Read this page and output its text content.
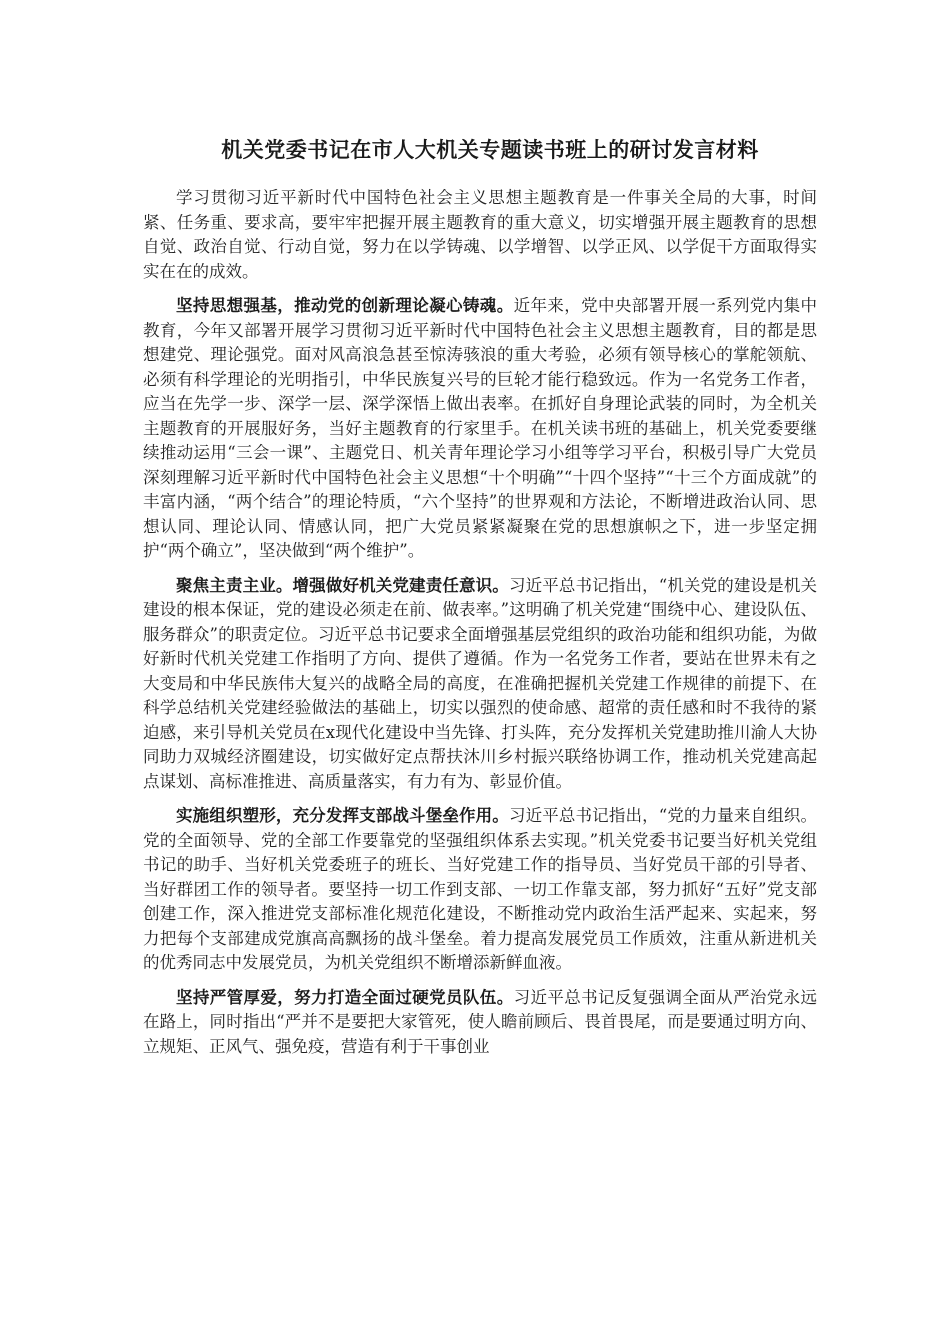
机关党委书记在市人大机关专题读书班上的研讨发言材料

学习贯彻习近平新时代中国特色社会主义思想主题教育是一件事关全局的大事，时间紧、任务重、要求高，要牢牢把握开展主题教育的重大意义，切实增强开展主题教育的思想自觉、政治自觉、行动自觉，努力在以学铸魂、以学增智、以学正风、以学促干方面取得实实在在的成效。

坚持思想强基，推动党的创新理论凝心铸魂。近年来，党中央部署开展一系列党内集中教育，今年又部署开展学习贯彻习近平新时代中国特色社会主义思想主题教育，目的都是思想建党、理论强党。面对风高浪急甚至惊涛骇浪的重大考验，必须有领导核心的掌舵领航、必须有科学理论的光明指引，中华民族复兴号的巨轮才能行稳致远。作为一名党务工作者，应当在先学一步、深学一层、深学深悟上做出表率。在抓好自身理论武装的同时，为全机关主题教育的开展服好务，当好主题教育的行家里手。在机关读书班的基础上，机关党委要继续推动运用“三会一课”、主题党日、机关青年理论学习小组等学习平台，积极引导广大党员深刻理解习近平新时代中国特色社会主义思想“十个明确”“十四个坚持”“十三个方面成就”的丰富内涵，“两个结合”的理论特质，“六个坚持”的世界观和方法论，不断增进政治认同、思想认同、理论认同、情感认同，把广大党员紧紧凝聚在党的思想旗帜之下，进一步坚定拥护“两个确立”，坚决做到“两个维护”。

聚焦主责主业。增强做好机关党建责任意识。习近平总书记指出，“机关党的建设是机关建设的根本保证，党的建设必须走在前、做表率。”这明确了机关党建“围绕中心、建设队伍、服务群众”的职责定位。习近平总书记要求全面增强基层党组织的政治功能和组织功能，为做好新时代机关党建工作指明了方向、提供了遵循。作为一名党务工作者，要站在世界未有之大变局和中华民族伟大复兴的战略全局的高度，在准确把握机关党建工作规律的前提下、在科学总结机关党建经验做法的基础上，切实以强烈的使命感、超常的责任感和时不我待的紧迫感，来引导机关党员在x现代化建设中当先锋、打头阵，充分发挥机关党建助推川渝人大协同助力双城经济圈建设，切实做好定点帮扶沐川乡村振兴联络协调工作，推动机关党建高起点谋划、高标准推进、高质量落实，有力有为、彰显价值。

实施组织塑形，充分发挥支部战斗堡垒作用。习近平总书记指出，“党的力量来自组织。党的全面领导、党的全部工作要靠党的坚强组织体系去实现。”机关党委书记要当好机关党组书记的助手、当好机关党委班子的班长、当好党建工作的指导员、当好党员干部的引导者、当好群团工作的领导者。要坚持一切工作到支部、一切工作靠支部，努力抓好“五好”党支部创建工作，深入推进党支部标准化规范化建设，不断推动党内政治生活严起来、实起来，努力把每个支部建成党旗高高飘扬的战斗堡垒。着力提高发展党员工作质效，注重从新进机关的优秀同志中发展党员，为机关党组织不断增添新鲜血液。

坚持严管厚爱，努力打造全面过硬党员队伍。习近平总书记反复强调全面从严治党永远在路上，同时指出“严并不是要把大家管死，使人瞻前顾后、畏首畏尾，而是要通过明方向、立规矩、正风气、强免疫，营造有利于干事创业
